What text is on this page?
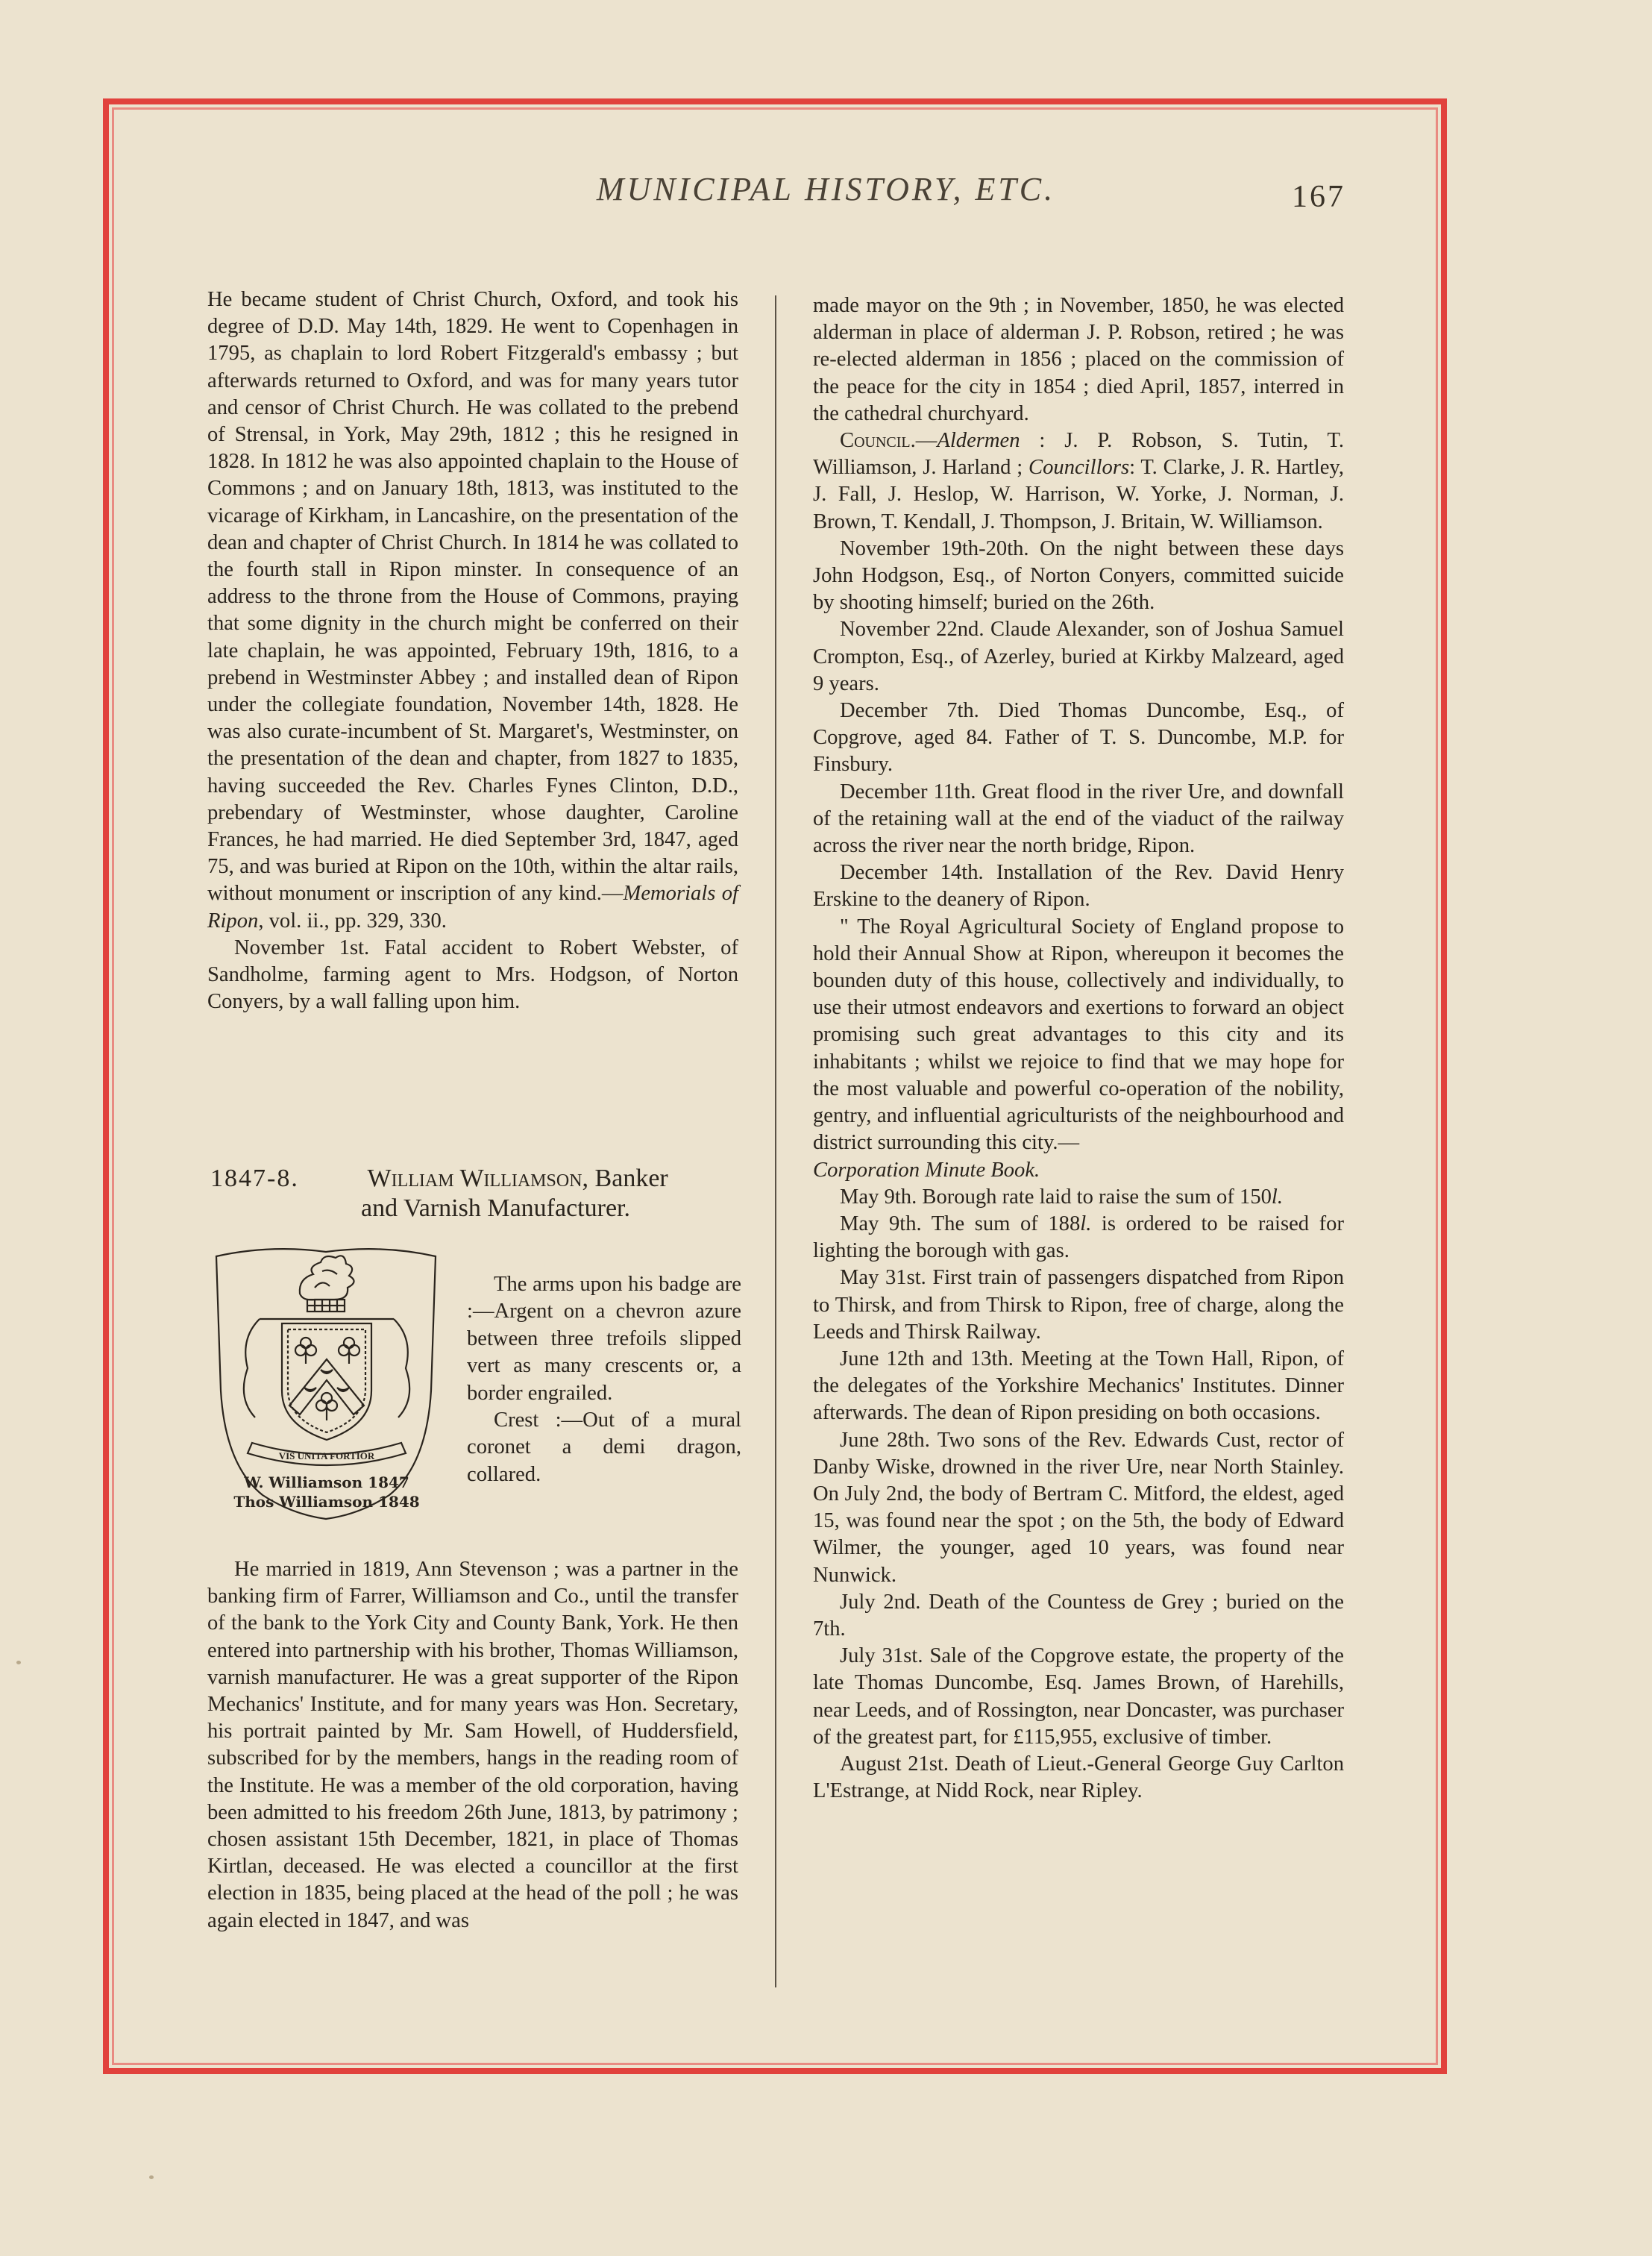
MUNICIPAL HISTORY, ETC.	167

He became student of Christ Church, Oxford, and took his degree of D.D. May 14th, 1829. He went to Copenhagen in 1795, as chaplain to lord Robert Fitzgerald's embassy ; but afterwards returned to Oxford, and was for many years tutor and censor of Christ Church. He was collated to the prebend of Strensal, in York, May 29th, 1812 ; this he resigned in 1828. In 1812 he was also appointed chaplain to the House of Commons ; and on January 18th, 1813, was instituted to the vicarage of Kirkham, in Lancashire, on the presentation of the dean and chapter of Christ Church. In 1814 he was collated to the fourth stall in Ripon minster. In consequence of an address to the throne from the House of Commons, praying that some dignity in the church might be conferred on their late chaplain, he was appointed, February 19th, 1816, to a prebend in Westminster Abbey ; and installed dean of Ripon under the collegiate foundation, November 14th, 1828. He was also curate-incumbent of St. Margaret's, Westminster, on the presentation of the dean and chapter, from 1827 to 1835, having succeeded the Rev. Charles Fynes Clinton, D.D., prebendary of Westminster, whose daughter, Caroline Frances, he had married. He died September 3rd, 1847, aged 75, and was buried at Ripon on the 10th, within the altar rails, without monument or inscription of any kind.—Memorials of Ripon, vol. ii., pp. 329, 330.

November 1st. Fatal accident to Robert Webster, of Sandholme, farming agent to Mrs. Hodgson, of Norton Conyers, by a wall falling upon him.

1847-8.	William Williamson, Banker
and Varnish Manufacturer.
VIS UNITA FORTIOR
W. Williamson 1847
Thos Williamson 1848

The arms upon his badge are :—Argent on a chevron azure between three trefoils slipped vert as many crescents or, a border engrailed.

Crest :—Out of a mural coronet a demi dragon, collared.

He married in 1819, Ann Stevenson ; was a partner in the banking firm of Farrer, Williamson and Co., until the transfer of the bank to the York City and County Bank, York. He then entered into partnership with his brother, Thomas Williamson, varnish manufacturer. He was a great supporter of the Ripon Mechanics' Institute, and for many years was Hon. Secretary, his portrait painted by Mr. Sam Howell, of Huddersfield, subscribed for by the members, hangs in the reading room of the Institute. He was a member of the old corporation, having been admitted to his freedom 26th June, 1813, by patrimony ; chosen assistant 15th December, 1821, in place of Thomas Kirtlan, deceased. He was elected a councillor at the first election in 1835, being placed at the head of the poll ; he was again elected in 1847, and was

made mayor on the 9th ; in November, 1850, he was elected alderman in place of alderman J. P. Robson, retired ; he was re-elected alderman in 1856 ; placed on the commission of the peace for the city in 1854 ; died April, 1857, interred in the cathedral churchyard.

Council.—Aldermen : J. P. Robson, S. Tutin, T. Williamson, J. Harland ; Councillors: T. Clarke, J. R. Hartley, J. Fall, J. Heslop, W. Harrison, W. Yorke, J. Norman, J. Brown, T. Kendall, J. Thompson, J. Britain, W. Williamson.

November 19th-20th. On the night between these days John Hodgson, Esq., of Norton Conyers, committed suicide by shooting himself; buried on the 26th.

November 22nd. Claude Alexander, son of Joshua Samuel Crompton, Esq., of Azerley, buried at Kirkby Malzeard, aged 9 years.

December 7th. Died Thomas Duncombe, Esq., of Copgrove, aged 84. Father of T. S. Duncombe, M.P. for Finsbury.

December 11th. Great flood in the river Ure, and downfall of the retaining wall at the end of the viaduct of the railway across the river near the north bridge, Ripon.

December 14th. Installation of the Rev. David Henry Erskine to the deanery of Ripon.

" The Royal Agricultural Society of England propose to hold their Annual Show at Ripon, whereupon it becomes the bounden duty of this house, collectively and individually, to use their utmost endeavors and exertions to forward an object promising such great advantages to this city and its inhabitants ; whilst we rejoice to find that we may hope for the most valuable and powerful co-operation of the nobility, gentry, and influential agriculturists of the neighbourhood and district surrounding this city.—
Corporation Minute Book.

May 9th. Borough rate laid to raise the sum of 150l.

May 9th. The sum of 188l. is ordered to be raised for lighting the borough with gas.

May 31st. First train of passengers dispatched from Ripon to Thirsk, and from Thirsk to Ripon, free of charge, along the Leeds and Thirsk Railway.

June 12th and 13th. Meeting at the Town Hall, Ripon, of the delegates of the Yorkshire Mechanics' Institutes. Dinner afterwards. The dean of Ripon presiding on both occasions.

June 28th. Two sons of the Rev. Edwards Cust, rector of Danby Wiske, drowned in the river Ure, near North Stainley. On July 2nd, the body of Bertram C. Mitford, the eldest, aged 15, was found near the spot ; on the 5th, the body of Edward Wilmer, the younger, aged 10 years, was found near Nunwick.

July 2nd. Death of the Countess de Grey ; buried on the 7th.

July 31st. Sale of the Copgrove estate, the property of the late Thomas Duncombe, Esq. James Brown, of Harehills, near Leeds, and of Rossington, near Doncaster, was purchaser of the greatest part, for £115,955, exclusive of timber.

August 21st. Death of Lieut.-General George Guy Carlton L'Estrange, at Nidd Rock, near Ripley.
